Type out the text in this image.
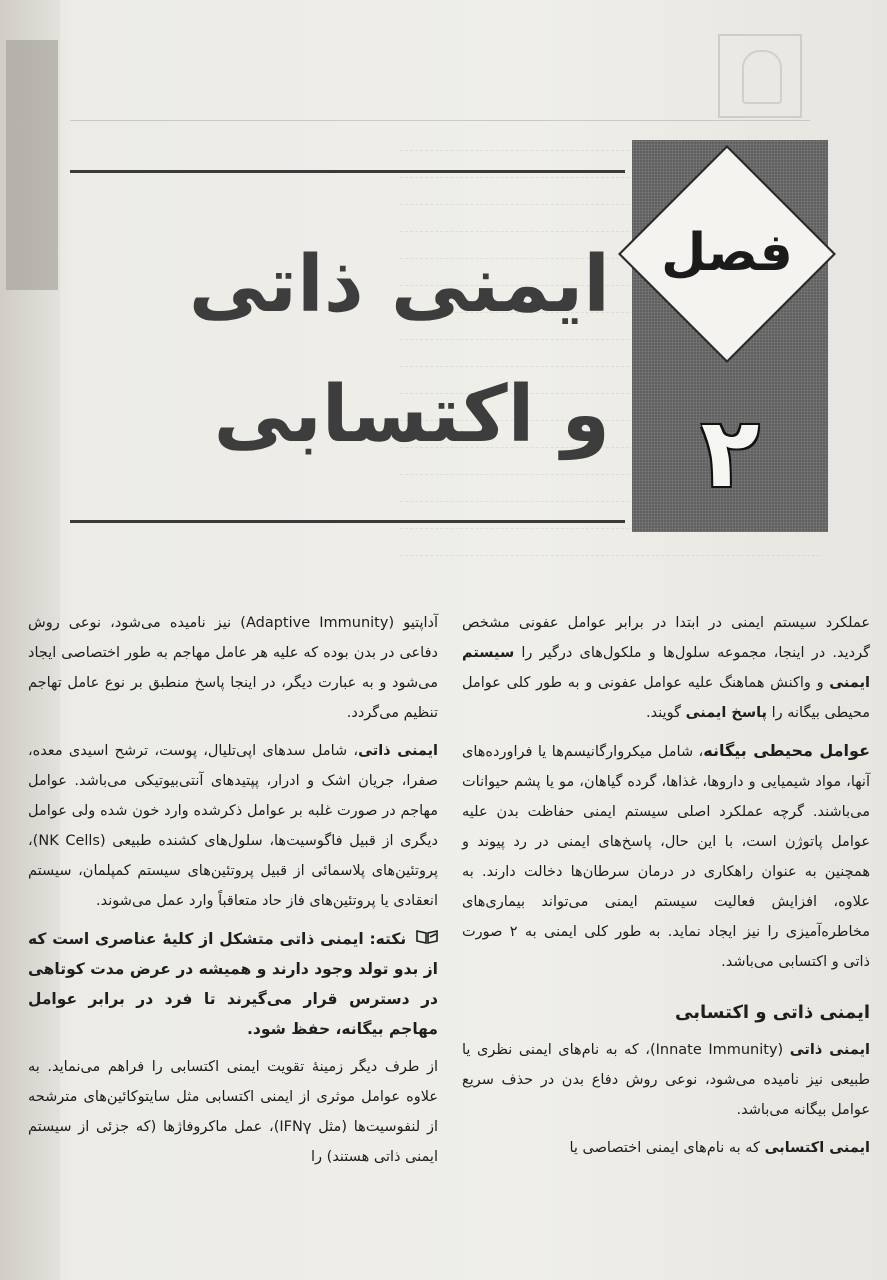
ایمنی ذاتی
و اکتسابی
فصل
۲

عملکرد سیستم ایمنی در ابتدا در برابر عوامل عفونی مشخص گردید. در اینجا، مجموعه سلول‌ها و ملکول‌های درگیر را سیستم ایمنی و واکنش هماهنگ علیه عوامل عفونی و به طور کلی عوامل محیطی بیگانه را پاسخ ایمنی گویند.

عوامل محیطی بیگانه، شامل میکروارگانیسم‌ها یا فراورده‌های آنها، مواد شیمیایی و داروها، غذاها، گرده گیاهان، مو یا پشم حیوانات می‌باشند. گرچه عملکرد اصلی سیستم ایمنی حفاظت بدن علیه عوامل پاتوژن است، با این حال، پاسخ‌های ایمنی در رد پیوند و همچنین به عنوان راهکاری در درمان سرطان‌ها دخالت دارند. به علاوه، افزایش فعالیت سیستم ایمنی می‌تواند بیماری‌های مخاطره‌آمیزی را نیز ایجاد نماید. به طور کلی ایمنی به ۲ صورت ذاتی و اکتسابی می‌باشد.

ایمنی ذاتی و اکتسابی

ایمنی ذاتی (Innate Immunity)، که به نام‌های ایمنی نظری یا طبیعی نیز نامیده می‌شود، نوعی روش دفاع بدن در حذف سریع عوامل بیگانه می‌باشد.

ایمنی اکتسابی که به نام‌های ایمنی اختصاصی یا

آداپتیو (Adaptive Immunity) نیز نامیده می‌شود، نوعی روش دفاعی در بدن بوده که علیه هر عامل مهاجم به طور اختصاصی ایجاد می‌شود و به عبارت دیگر، در اینجا پاسخ منطبق بر نوع عامل تهاجم تنظیم می‌گردد.

ایمنی ذاتی، شامل سدهای اپی‌تلیال، پوست، ترشح اسیدی معده، صفرا، جریان اشک و ادرار، پپتیدهای آنتی‌بیوتیکی می‌باشد. عوامل مهاجم در صورت غلبه بر عوامل ذکرشده وارد خون شده ولی عوامل دیگری از قبیل فاگوسیت‌ها، سلول‌های کشنده طبیعی (NK Cells)، پروتئین‌های پلاسمائی از قبیل پروتئین‌های سیستم کمپلمان، سیستم انعقادی یا پروتئین‌های فاز حاد متعاقباً وارد عمل می‌شوند.

نکته: ایمنی ذاتی متشکل از کلیهٔ عناصری است که از بدو تولد وجود دارند و همیشه در عرض مدت کوتاهی در دسترس قرار می‌گیرند تا فرد در برابر عوامل مهاجم بیگانه، حفظ شود.

از طرف دیگر زمینهٔ تقویت ایمنی اکتسابی را فراهم می‌نماید. به علاوه عوامل موثری از ایمنی اکتسابی مثل سایتوکائین‌های مترشحه از لنفوسیت‌ها (مثل IFNγ)، عمل ماکروفاژها (که جزئی از سیستم ایمنی ذاتی هستند) را
